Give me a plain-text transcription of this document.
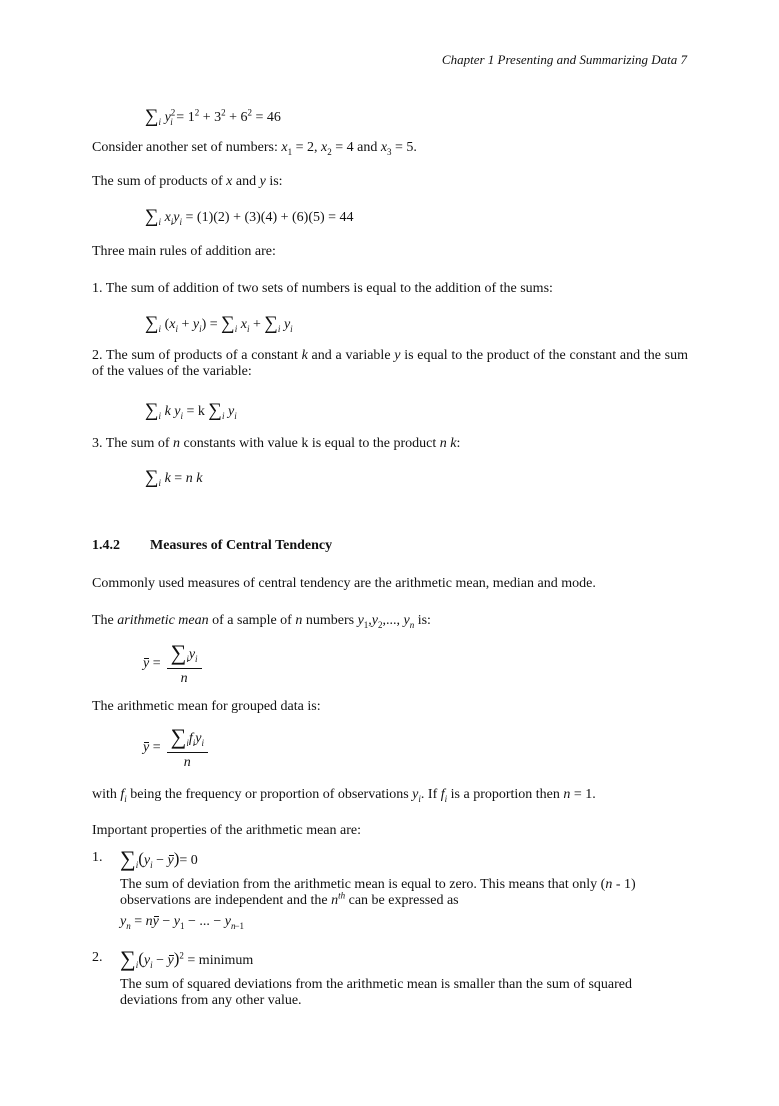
Chapter 1 Presenting and Summarizing Data 7
$\sum_i$ $y^2_i = 1^2 + 3^2 + 6^2 = 46$
Consider another set of numbers: $x_1 = 2$, $x_2 = 4$ and $x_3 = 5$.
The sum of products of x and y is:
$\sum_i$ $x_iy_i = (1)(2) + (3)(4) + (6)(5) = 44$
Three main rules of addition are:
1. The sum of addition of two sets of numbers is equal to the addition of the sums:
$\sum_i$ $(x_i + y_i) = \sum_i$ $x_i + \sum_i$ $y_i$
2. The sum of products of a constant k and a variable y is equal to the product of the constant and the sum of the values of the variable:
$\sum_i$ k $y_i = k$ $\sum_i$ $y_i$
3. The sum of n constants with value k is equal to the product n k:
$\sum_i$ k = n k
1.4.2 Measures of Central Tendency
Commonly used measures of central tendency are the arithmetic mean, median and mode.
The arithmetic mean of a sample of n numbers $y_1,y_2$,..., $y_n$ is:
$y = \frac{\sum_iy_i}{n}$
The arithmetic mean for grouped data is:
$y = \frac{\sum_if_iy_i}{n}$
with $f_i$ being the frequency or proportion of observations $y_i$. If $f_i$ is a proportion then n = 1.
Important properties of the arithmetic mean are:
1. $\sum_i(y_i - y)= 0$
The sum of deviation from the arithmetic mean is equal to zero. This means that only (n - 1) observations are independent and the $n^{th}$ can be expressed as
$y_n$ = ny − $y_1$ − ... − $y_{n-1}$
2. $\sum_i(y_i - y)^2$ = minimum
The sum of squared deviations from the arithmetic mean is smaller than the sum of squared deviations from any other value.
